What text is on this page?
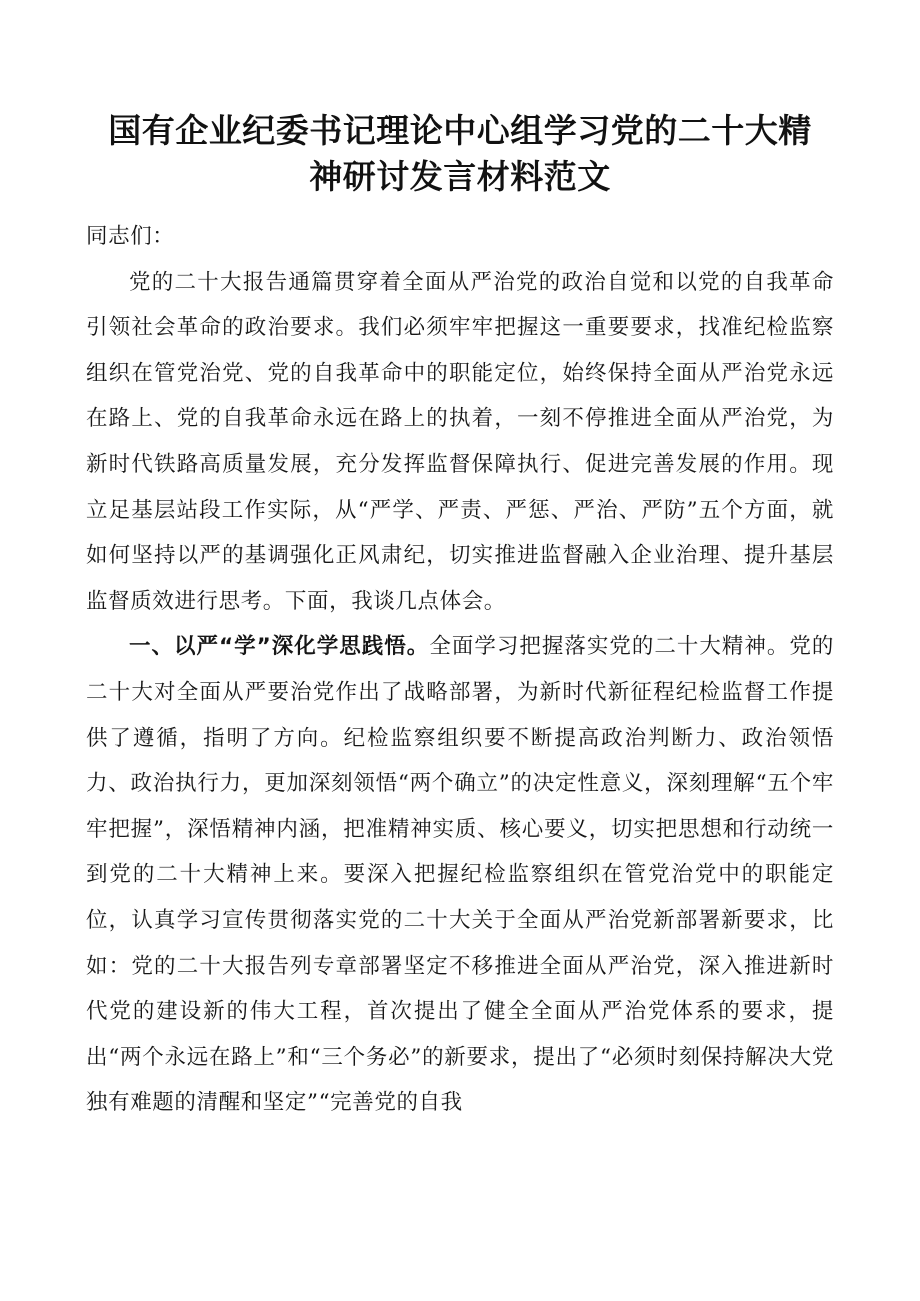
国有企业纪委书记理论中心组学习党的二十大精
神研讨发言材料范文

同志们：

党的二十大报告通篇贯穿着全面从严治党的政治自觉和以党的自我革命引领社会革命的政治要求。我们必须牢牢把握这一重要要求，找准纪检监察组织在管党治党、党的自我革命中的职能定位，始终保持全面从严治党永远在路上、党的自我革命永远在路上的执着，一刻不停推进全面从严治党，为新时代铁路高质量发展，充分发挥监督保障执行、促进完善发展的作用。现立足基层站段工作实际，从“严学、严责、严惩、严治、严防”五个方面，就如何坚持以严的基调强化正风肃纪，切实推进监督融入企业治理、提升基层监督质效进行思考。下面，我谈几点体会。

一、以严“学”深化学思践悟。全面学习把握落实党的二十大精神。党的二十大对全面从严要治党作出了战略部署，为新时代新征程纪检监督工作提供了遵循，指明了方向。纪检监察组织要不断提高政治判断力、政治领悟力、政治执行力，更加深刻领悟“两个确立”的决定性意义，深刻理解“五个牢牢把握”，深悟精神内涵，把准精神实质、核心要义，切实把思想和行动统一到党的二十大精神上来。要深入把握纪检监察组织在管党治党中的职能定位，认真学习宣传贯彻落实党的二十大关于全面从严治党新部署新要求，比如：党的二十大报告列专章部署坚定不移推进全面从严治党，深入推进新时代党的建设新的伟大工程，首次提出了健全全面从严治党体系的要求，提出“两个永远在路上”和“三个务必”的新要求，提出了“必须时刻保持解决大党独有难题的清醒和坚定”“完善党的自我
